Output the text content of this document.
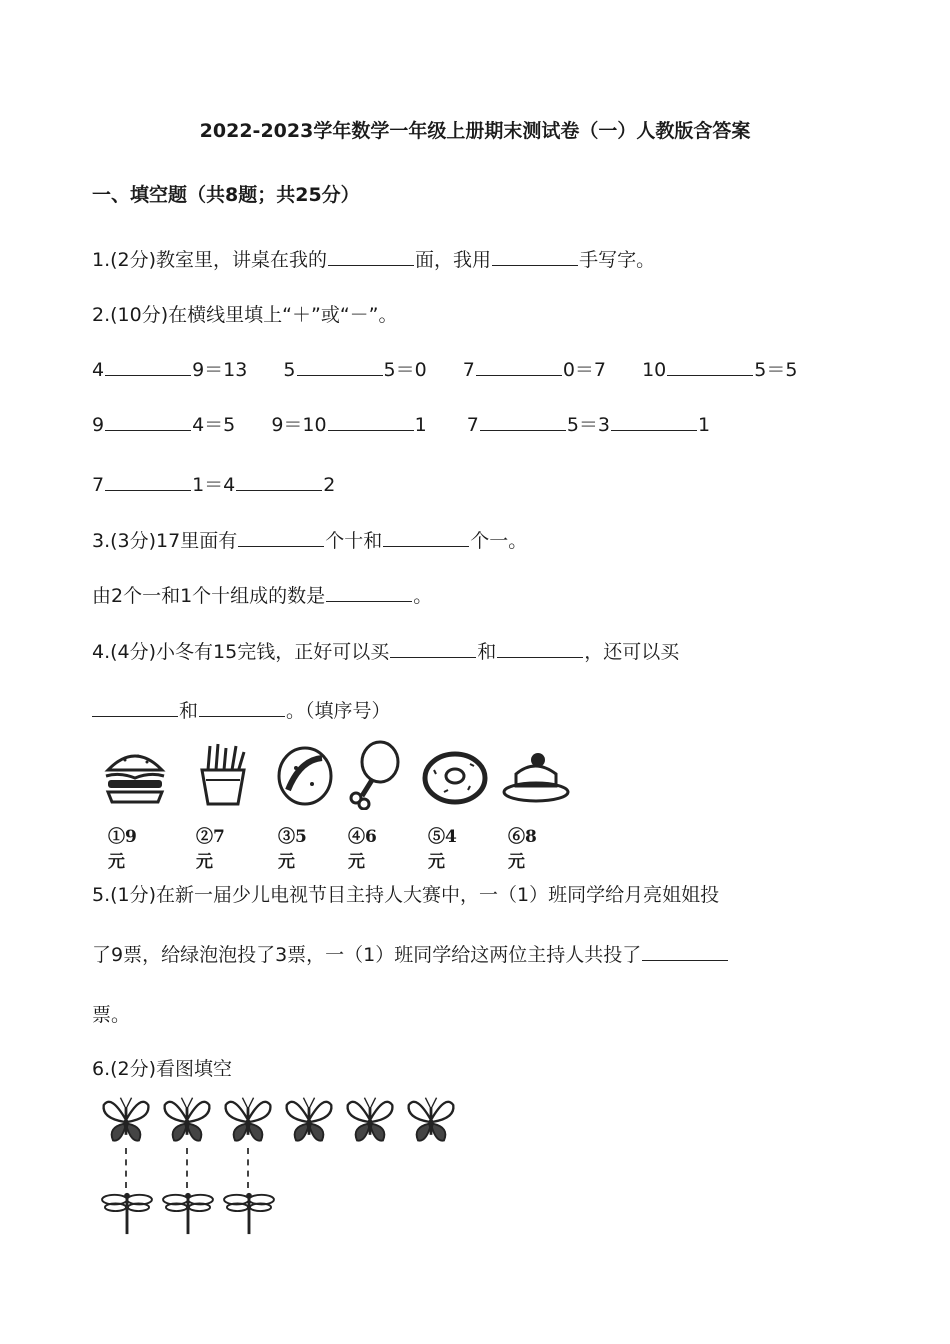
2022-2023学年数学一年级上册期末测试卷（一）人教版含答案
一、填空题（共8题；共25分）
1.(2分)教室里，讲桌在我的	面，我用	手写字。
2.(10分)在横线里填上“＋”或“－”。
4	9＝13 5	5＝0 7	0＝7 10	5＝5
9	4＝5 9＝10	1 7	5＝3	1
7	1＝4	2
3.(3分)17里面有	个十和	个一。
由2个一和1个十组成的数是	。
4.(4分)小冬有15完钱，正好可以买	和	，还可以买
和	。（填序号）
①9元
②7元
③5元
④6元
⑤4元
⑥8元
5.(1分)在新一届少儿电视节目主持人大赛中，一（1）班同学给月亮姐姐投
了9票，给绿泡泡投了3票，一（1）班同学给这两位主持人共投了
票。
6.(2分)看图填空
